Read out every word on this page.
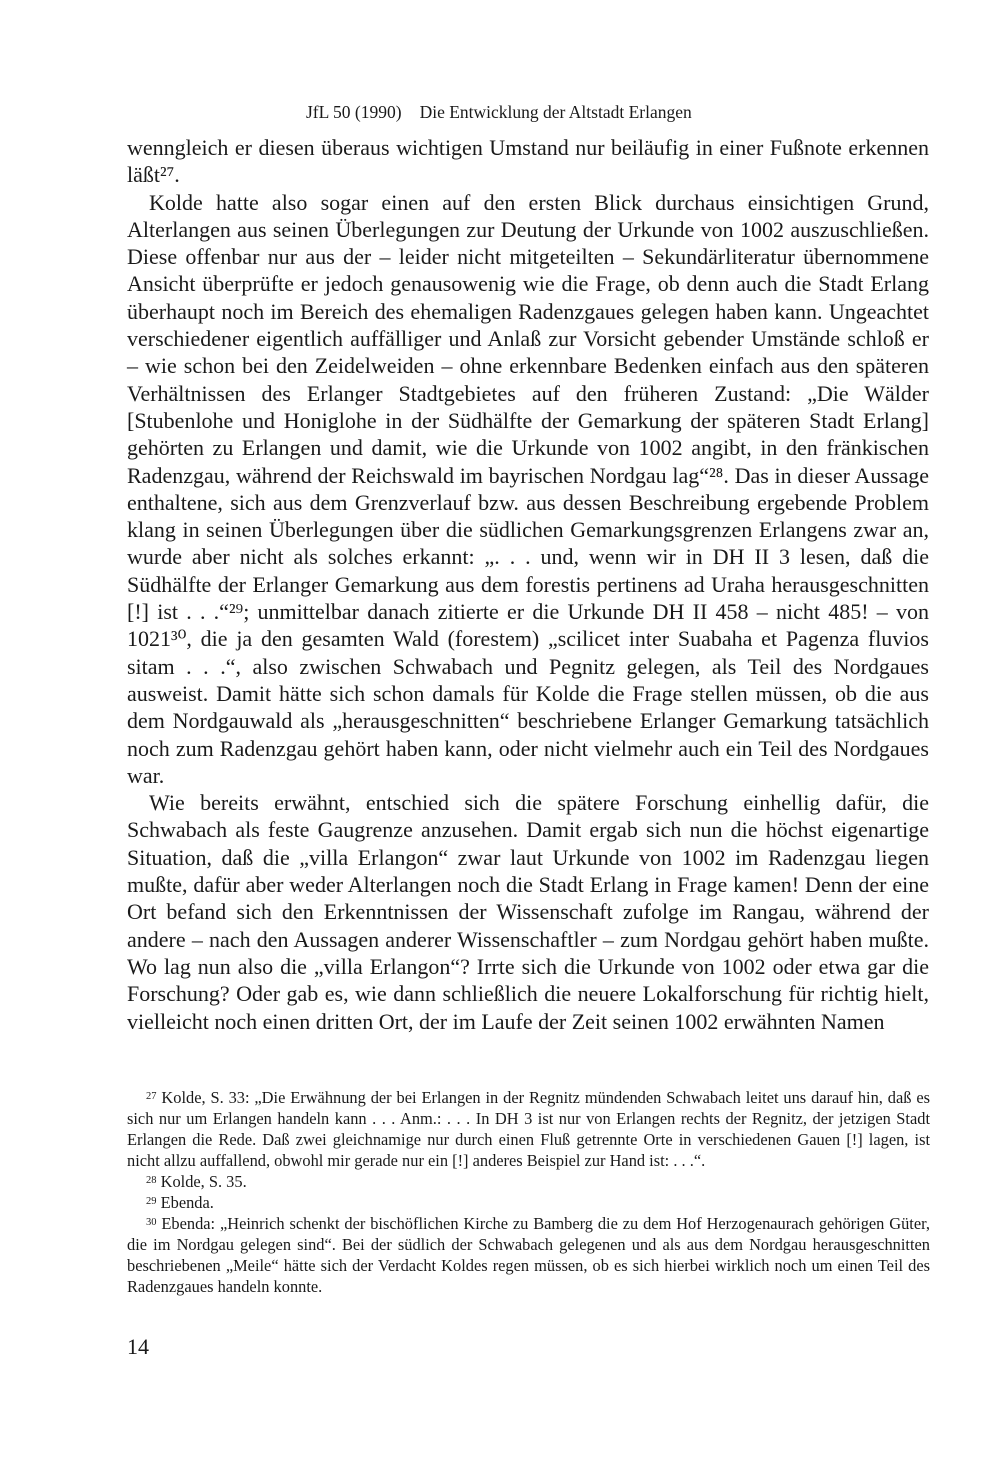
JfL 50 (1990) Die Entwicklung der Altstadt Erlangen

wenngleich er diesen überaus wichtigen Umstand nur beiläufig in einer Fußnote erkennen läßt²⁷.

Kolde hatte also sogar einen auf den ersten Blick durchaus einsichtigen Grund, Alterlangen aus seinen Überlegungen zur Deutung der Urkunde von 1002 auszuschließen. Diese offenbar nur aus der – leider nicht mitgeteilten – Sekundärliteratur übernommene Ansicht überprüfte er jedoch genausowenig wie die Frage, ob denn auch die Stadt Erlang überhaupt noch im Bereich des ehemaligen Radenzgaues gelegen haben kann. Ungeachtet verschiedener eigentlich auffälliger und Anlaß zur Vorsicht gebender Umstände schloß er – wie schon bei den Zeidelweiden – ohne erkennbare Bedenken einfach aus den späteren Verhältnissen des Erlanger Stadtgebietes auf den früheren Zustand: „Die Wälder [Stubenlohe und Honiglohe in der Südhälfte der Gemarkung der späteren Stadt Erlang] gehörten zu Erlangen und damit, wie die Urkunde von 1002 angibt, in den fränkischen Radenzgau, während der Reichswald im bayrischen Nordgau lag“²⁸. Das in dieser Aussage enthaltene, sich aus dem Grenzverlauf bzw. aus dessen Beschreibung ergebende Problem klang in seinen Überlegungen über die südlichen Gemarkungsgrenzen Erlangens zwar an, wurde aber nicht als solches erkannt: „. . . und, wenn wir in DH II 3 lesen, daß die Südhälfte der Erlanger Gemarkung aus dem forestis pertinens ad Uraha herausgeschnitten [!] ist . . .“²⁹; unmittelbar danach zitierte er die Urkunde DH II 458 – nicht 485! – von 1021³⁰, die ja den gesamten Wald (forestem) „scilicet inter Suabaha et Pagenza fluvios sitam . . .“, also zwischen Schwabach und Pegnitz gelegen, als Teil des Nordgaues ausweist. Damit hätte sich schon damals für Kolde die Frage stellen müssen, ob die aus dem Nordgauwald als „herausgeschnitten“ beschriebene Erlanger Gemarkung tatsächlich noch zum Radenzgau gehört haben kann, oder nicht vielmehr auch ein Teil des Nordgaues war.

Wie bereits erwähnt, entschied sich die spätere Forschung einhellig dafür, die Schwabach als feste Gaugrenze anzusehen. Damit ergab sich nun die höchst eigenartige Situation, daß die „villa Erlangon“ zwar laut Urkunde von 1002 im Radenzgau liegen mußte, dafür aber weder Alterlangen noch die Stadt Erlang in Frage kamen! Denn der eine Ort befand sich den Erkenntnissen der Wissenschaft zufolge im Rangau, während der andere – nach den Aussagen anderer Wissenschaftler – zum Nordgau gehört haben mußte. Wo lag nun also die „villa Erlangon“? Irrte sich die Urkunde von 1002 oder etwa gar die Forschung? Oder gab es, wie dann schließlich die neuere Lokalforschung für richtig hielt, vielleicht noch einen dritten Ort, der im Laufe der Zeit seinen 1002 erwähnten Namen

$^{27}$ Kolde, S. 33: „Die Erwähnung der bei Erlangen in der Regnitz mündenden Schwabach leitet uns darauf hin, daß es sich nur um Erlangen handeln kann . . . Anm.: . . . In DH 3 ist nur von Erlangen rechts der Regnitz, der jetzigen Stadt Erlangen die Rede. Daß zwei gleichnamige nur durch einen Fluß getrennte Orte in verschiedenen Gauen [!] lagen, ist nicht allzu auffallend, obwohl mir gerade nur ein [!] anderes Beispiel zur Hand ist: . . .“.

$^{28}$ Kolde, S. 35.

$^{29}$ Ebenda.

$^{30}$ Ebenda: „Heinrich schenkt der bischöflichen Kirche zu Bamberg die zu dem Hof Herzogenaurach gehörigen Güter, die im Nordgau gelegen sind“. Bei der südlich der Schwabach gelegenen und als aus dem Nordgau herausgeschnitten beschriebenen „Meile“ hätte sich der Verdacht Koldes regen müssen, ob es sich hierbei wirklich noch um einen Teil des Radenzgaues handeln konnte.

14
